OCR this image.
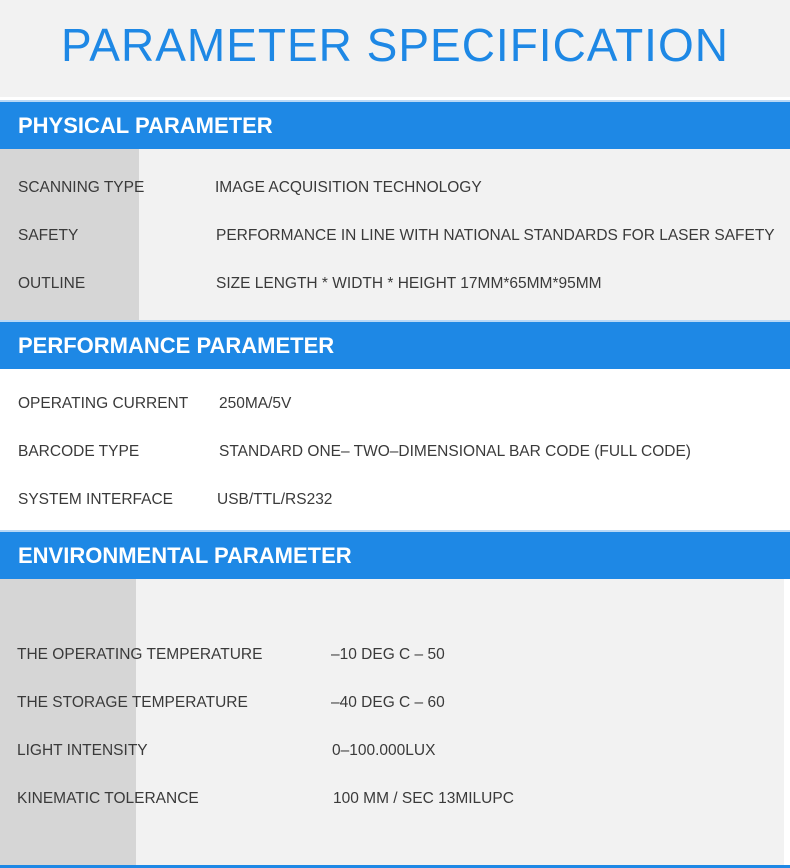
PARAMETER SPECIFICATION
PHYSICAL PARAMETER
SCANNING TYPE	IMAGE ACQUISITION TECHNOLOGY
SAFETY	PERFORMANCE IN LINE WITH NATIONAL STANDARDS FOR LASER SAFETY
OUTLINE	SIZE LENGTH * WIDTH * HEIGHT 17MM*65MM*95MM
PERFORMANCE PARAMETER
OPERATING CURRENT 250MA/5V
BARCODE TYPE	STANDARD ONE– TWO–DIMENSIONAL BAR CODE (FULL CODE)
SYSTEM INTERFACE	USB/TTL/RS232
ENVIRONMENTAL PARAMETER
THE OPERATING TEMPERATURE	–10 DEG C – 50
THE STORAGE TEMPERATURE	–40 DEG C – 60
LIGHT INTENSITY	0–100.000LUX
KINEMATIC TOLERANCE	100 MM / SEC 13MILUPC
